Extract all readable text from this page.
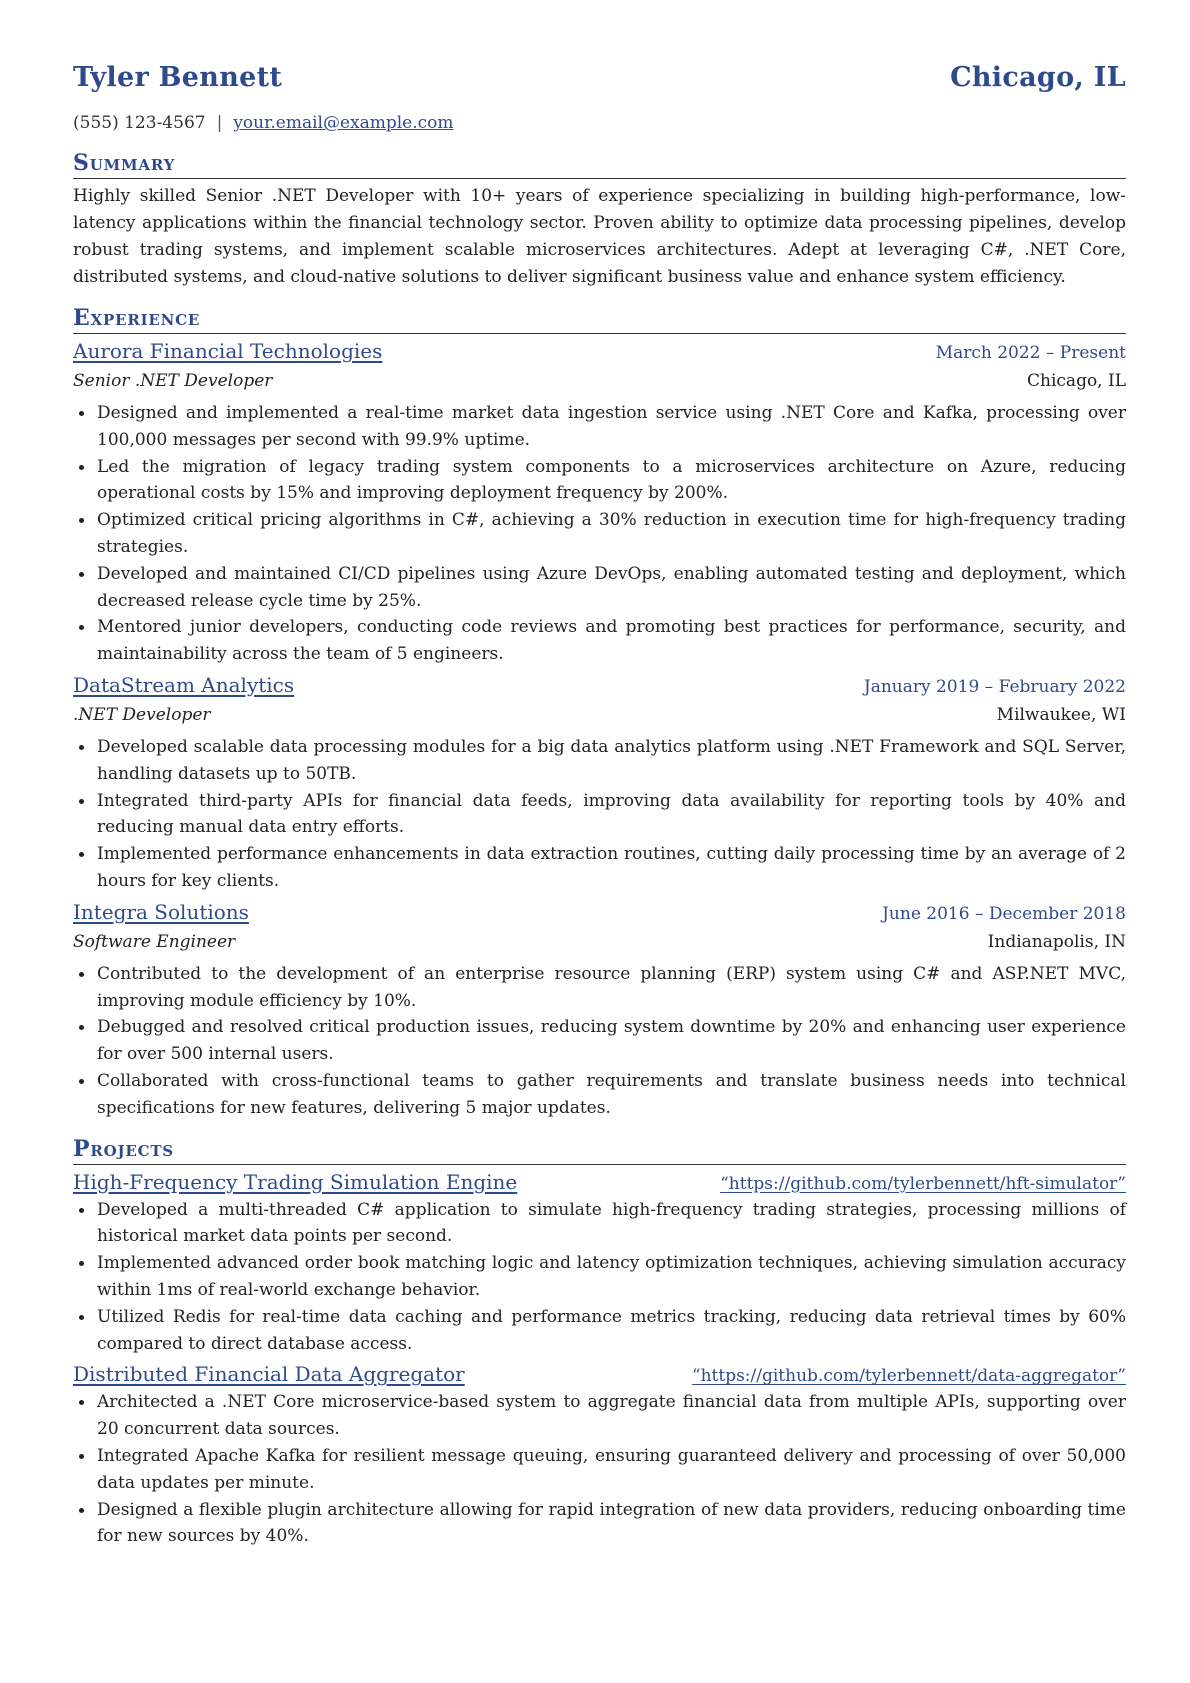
Tyler Bennett	Chicago, IL
(555) 123-4567 | your.email@example.com
Summary
Highly skilled Senior .NET Developer with 10+ years of experience specializing in building high-performance, low-latency applications within the financial technology sector. Proven ability to optimize data processing pipelines, develop robust trading systems, and implement scalable microservices architectures. Adept at leveraging C#, .NET Core, distributed systems, and cloud-native solutions to deliver significant business value and enhance system efficiency.
Experience
Aurora Financial Technologies	March 2022 – Present
Senior .NET Developer	Chicago, IL
Designed and implemented a real-time market data ingestion service using .NET Core and Kafka, processing over 100,000 messages per second with 99.9% uptime.
Led the migration of legacy trading system components to a microservices architecture on Azure, reducing operational costs by 15% and improving deployment frequency by 200%.
Optimized critical pricing algorithms in C#, achieving a 30% reduction in execution time for high-frequency trading strategies.
Developed and maintained CI/CD pipelines using Azure DevOps, enabling automated testing and deployment, which decreased release cycle time by 25%.
Mentored junior developers, conducting code reviews and promoting best practices for performance, security, and maintainability across the team of 5 engineers.
DataStream Analytics	January 2019 – February 2022
.NET Developer	Milwaukee, WI
Developed scalable data processing modules for a big data analytics platform using .NET Framework and SQL Server, handling datasets up to 50TB.
Integrated third-party APIs for financial data feeds, improving data availability for reporting tools by 40% and reducing manual data entry efforts.
Implemented performance enhancements in data extraction routines, cutting daily processing time by an average of 2 hours for key clients.
Integra Solutions	June 2016 – December 2018
Software Engineer	Indianapolis, IN
Contributed to the development of an enterprise resource planning (ERP) system using C# and ASP.NET MVC, improving module efficiency by 10%.
Debugged and resolved critical production issues, reducing system downtime by 20% and enhancing user experience for over 500 internal users.
Collaborated with cross-functional teams to gather requirements and translate business needs into technical specifications for new features, delivering 5 major updates.
Projects
High-Frequency Trading Simulation Engine	“https://github.com/tylerbennett/hft-simulator”
Developed a multi-threaded C# application to simulate high-frequency trading strategies, processing millions of historical market data points per second.
Implemented advanced order book matching logic and latency optimization techniques, achieving simulation accuracy within 1ms of real-world exchange behavior.
Utilized Redis for real-time data caching and performance metrics tracking, reducing data retrieval times by 60% compared to direct database access.
Distributed Financial Data Aggregator	“https://github.com/tylerbennett/data-aggregator”
Architected a .NET Core microservice-based system to aggregate financial data from multiple APIs, supporting over 20 concurrent data sources.
Integrated Apache Kafka for resilient message queuing, ensuring guaranteed delivery and processing of over 50,000 data updates per minute.
Designed a flexible plugin architecture allowing for rapid integration of new data providers, reducing onboarding time for new sources by 40%.
